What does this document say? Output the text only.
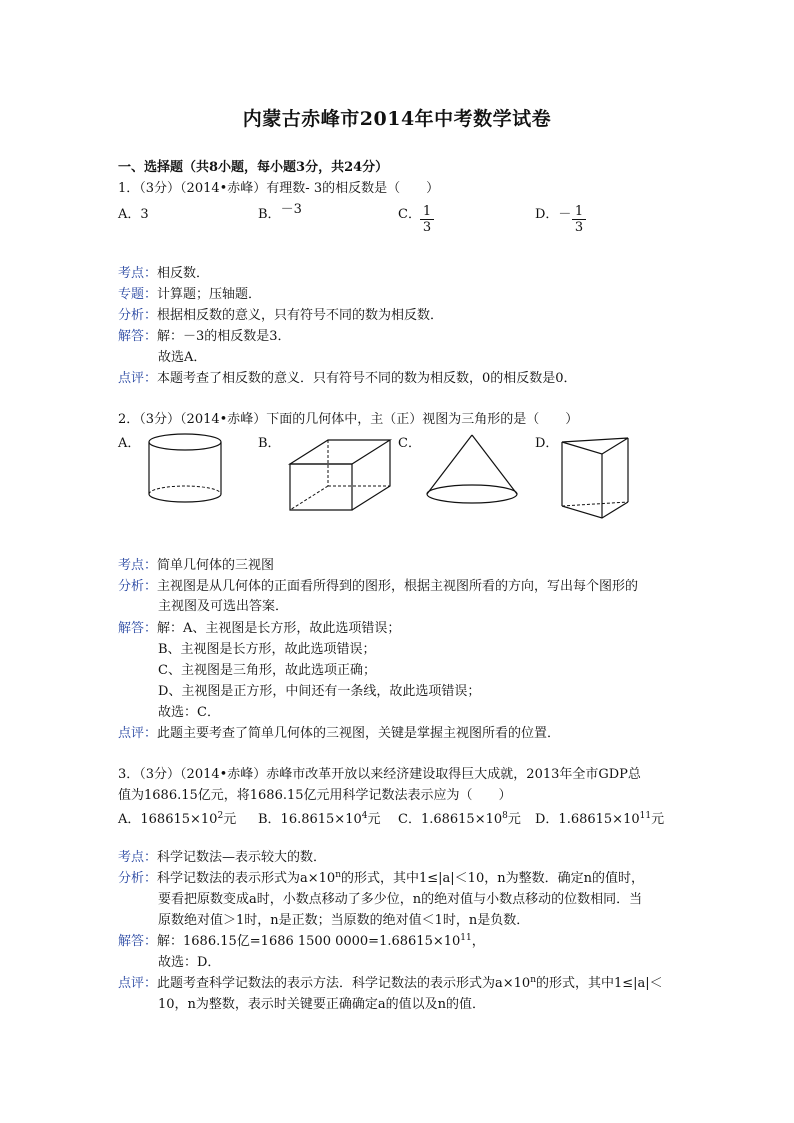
内蒙古赤峰市2014年中考数学试卷
一、选择题（共8小题，每小题3分，共24分）
1．（3分）（2014•赤峰）有理数- 3的相反数是（　　）
A．3	B．－3	C． $\frac{1}{3}$	D．－ $\frac{1}{3}$
考点：相反数．
专题：计算题；压轴题．
分析：根据相反数的意义，只有符号不同的数为相反数．
解答：解：－3的相反数是3．
故选A．
点评：本题考查了相反数的意义．只有符号不同的数为相反数，0的相反数是0．
2．（3分）（2014•赤峰）下面的几何体中，主（正）视图为三角形的是（　　）
A．	B．	C．	D．
考点：简单几何体的三视图
分析：主视图是从几何体的正面看所得到的图形，根据主视图所看的方向，写出每个图形的
主视图及可选出答案．
解答：解：A、主视图是长方形，故此选项错误；
B、主视图是长方形，故此选项错误；
C、主视图是三角形，故此选项正确；
D、主视图是正方形，中间还有一条线，故此选项错误；
故选：C．
点评：此题主要考查了简单几何体的三视图，关键是掌握主视图所看的位置．
3．（3分）（2014•赤峰）赤峰市改革开放以来经济建设取得巨大成就，2013年全市GDP总
值为1686.15亿元，将1686.15亿元用科学记数法表示应为（　　）
A．$168615\times 10^2$元 B．$16.8615\times 10^4$元 C．$1.68615\times 10^8$元 D．$1.68615\times 10^{11}$元
考点：科学记数法—表示较大的数．
分析：科学记数法的表示形式为$a\times 10^n$的形式，其中1≤|a|＜10，n为整数．确定n的值时，
要看把原数变成a时，小数点移动了多少位，n的绝对值与小数点移动的位数相同．当
原数绝对值＞1时，n是正数；当原数的绝对值＜1时，n是负数．
解答：解：1686.15亿=1686 1500 $0000=1.68615\times 10^{11}$，
故选：D．
点评：此题考查科学记数法的表示方法．科学记数法的表示形式为$a\times 10^n$的形式，其中1≤|a|＜
10，n为整数，表示时关键要正确确定a的值以及n的值．
